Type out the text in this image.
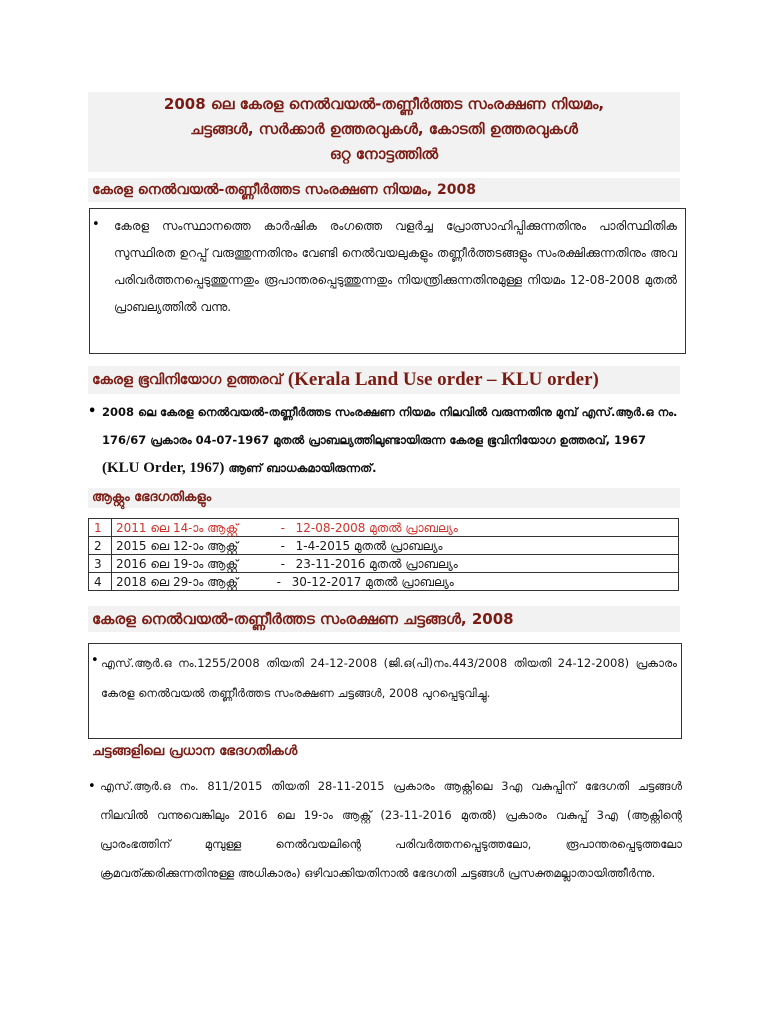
2008 ലെ കേരള നെൽവയൽ-തണ്ണീർത്തട സംരക്ഷണ നിയമം,
ചട്ടങ്ങൾ, സർക്കാർ ഉത്തരവുകൾ, കോടതി ഉത്തരവുകൾ
ഒറ്റ നോട്ടത്തിൽ
കേരള നെൽവയൽ-തണ്ണീർത്തട സംരക്ഷണ നിയമം, 2008
• കേരള സംസ്ഥാനത്തെ കാർഷിക രംഗത്തെ വളർച്ച പ്രോത്സാഹിപ്പിക്കുന്നതിനും പാരിസ്ഥിതിക സുസ്ഥിരത ഉറപ്പ് വരുത്തുന്നതിനും വേണ്ടി നെൽവയലുകളും തണ്ണീർത്തടങ്ങളും സംരക്ഷിക്കുന്നതിനും അവ പരിവർത്തനപ്പെടുത്തുന്നതും രൂപാന്തരപ്പെടുത്തുന്നതും നിയന്ത്രിക്കുന്നതിനുമുള്ള നിയമം 12-08-2008 മുതൽ പ്രാബല്യത്തിൽ വന്നു.
കേരള ഭൂവിനിയോഗ ഉത്തരവ് (Kerala Land Use order – KLU order)
• 2008 ലെ കേരള നെൽവയൽ-തണ്ണീർത്തട സംരക്ഷണ നിയമം നിലവിൽ വരുന്നതിനു മുമ്പ് എസ്.ആർ.ഒ നം. 176/67 പ്രകാരം 04-07-1967 മുതൽ പ്രാബല്യത്തിലുണ്ടായിരുന്ന കേരള ഭൂവിനിയോഗ ഉത്തരവ്, 1967 (KLU Order, 1967) ആണ് ബാധകമായിരുന്നത്.
ആക്റ്റും ഭേദഗതികളും
1	2011 ലെ 14-ാം ആക്റ്റ് - 12-08-2008 മുതൽ പ്രാബല്യം
2	2015 ലെ 12-ാം ആക്റ്റ് - 1-4-2015 മുതൽ പ്രാബല്യം
3	2016 ലെ 19-ാം ആക്റ്റ് - 23-11-2016 മുതൽ പ്രാബല്യം
4	2018 ലെ 29-ാം ആക്റ്റ് - 30-12-2017 മുതൽ പ്രാബല്യം
കേരള നെൽവയൽ-തണ്ണീർത്തട സംരക്ഷണ ചട്ടങ്ങൾ, 2008
• എസ്.ആർ.ഒ നം.1255/2008 തിയതി 24-12-2008 (ജി.ഒ(പി)നം.443/2008 തിയതി 24-12-2008) പ്രകാരം കേരള നെൽവയൽ തണ്ണീർത്തട സംരക്ഷണ ചട്ടങ്ങൾ, 2008 പുറപ്പെടുവിച്ചു.
ചട്ടങ്ങളിലെ പ്രധാന ഭേദഗതികൾ
• എസ്.ആർ.ഒ നം. 811/2015 തിയതി 28-11-2015 പ്രകാരം ആക്റ്റിലെ 3എ വകുപ്പിന് ഭേദഗതി ചട്ടങ്ങൾ നിലവിൽ വന്നുവെങ്കിലും 2016 ലെ 19-ാം ആക്റ്റ് (23-11-2016 മുതൽ) പ്രകാരം വകുപ്പ് 3എ (ആക്റ്റിന്റെ പ്രാരംഭത്തിന് മുമ്പുള്ള നെൽവയലിന്റെ പരിവർത്തനപ്പെടുത്തലോ, രൂപാന്തരപ്പെടുത്തലോ ക്രമവത്ക്കരിക്കുന്നതിനുള്ള അധികാരം) ഒഴിവാക്കിയതിനാൽ ഭേദഗതി ചട്ടങ്ങൾ പ്രസക്തമല്ലാതായിത്തീർന്നു.
